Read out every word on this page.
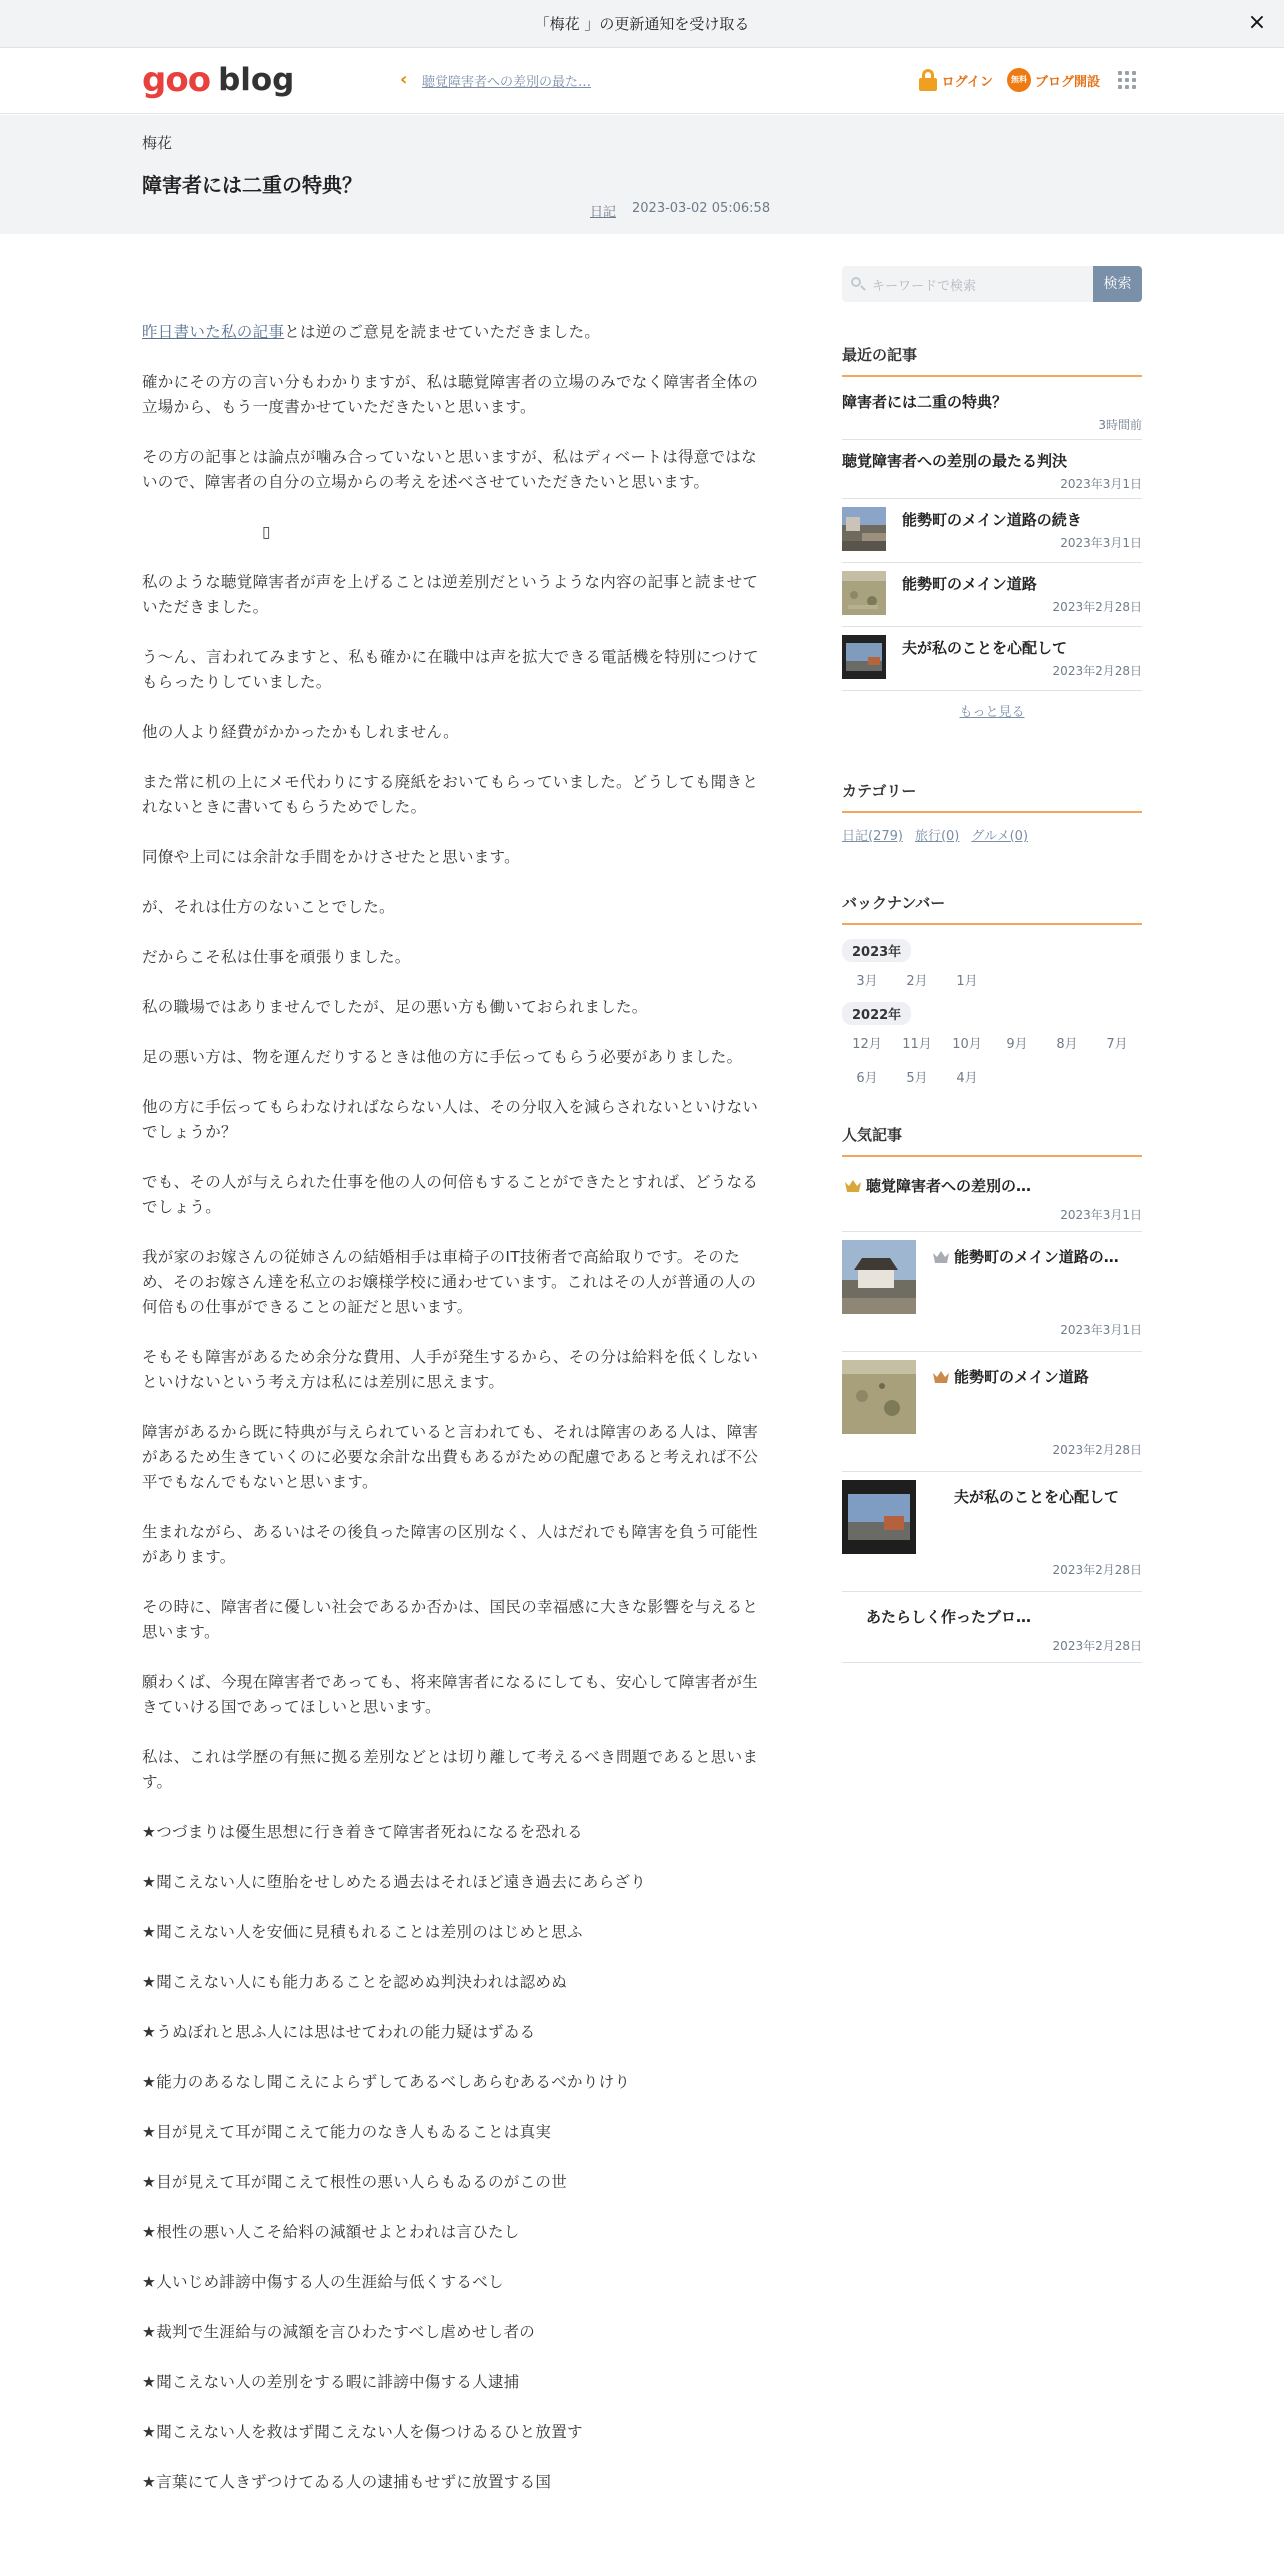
「梅花 」の更新通知を受け取る	×
goo blog	‹	聴覚障害者への差別の最た…	ログイン	無料 ブログ開設
梅花
障害者には二重の特典？
日記 2023-03-02 05:06:58

昨日書いた私の記事とは逆のご意見を読ませていただきました。

確かにその方の言い分もわかりますが、私は聴覚障害者の立場のみでなく障害者全体の立場から、もう一度書かせていただきたいと思います。

その方の記事とは論点が噛み合っていないと思いますが、私はディベートは得意ではないので、障害者の自分の立場からの考えを述べさせていただきたいと思います。

▯

私のような聴覚障害者が声を上げることは逆差別だというような内容の記事と読ませていただきました。

う〜ん、言われてみますと、私も確かに在職中は声を拡大できる電話機を特別につけてもらったりしていました。

他の人より経費がかかったかもしれません。

また常に机の上にメモ代わりにする廃紙をおいてもらっていました。どうしても聞きとれないときに書いてもらうためでした。

同僚や上司には余計な手間をかけさせたと思います。

が、それは仕方のないことでした。

だからこそ私は仕事を頑張りました。

私の職場ではありませんでしたが、足の悪い方も働いておられました。

足の悪い方は、物を運んだりするときは他の方に手伝ってもらう必要がありました。

他の方に手伝ってもらわなければならない人は、その分収入を減らされないといけないでしょうか？

でも、その人が与えられた仕事を他の人の何倍もすることができたとすれば、どうなるでしょう。

我が家のお嫁さんの従姉さんの結婚相手は車椅子のIT技術者で高給取りです。そのため、そのお嫁さん達を私立のお嬢様学校に通わせています。これはその人が普通の人の何倍もの仕事ができることの証だと思います。

そもそも障害があるため余分な費用、人手が発生するから、その分は給料を低くしないといけないという考え方は私には差別に思えます。

障害があるから既に特典が与えられていると言われても、それは障害のある人は、障害があるため生きていくのに必要な余計な出費もあるがための配慮であると考えれば不公平でもなんでもないと思います。

生まれながら、あるいはその後負った障害の区別なく、人はだれでも障害を負う可能性があります。

その時に、障害者に優しい社会であるか否かは、国民の幸福感に大きな影響を与えると思います。

願わくば、今現在障害者であっても、将来障害者になるにしても、安心して障害者が生きていける国であってほしいと思います。

私は、これは学歴の有無に拠る差別などとは切り離して考えるべき問題であると思います。

★つづまりは優生思想に行き着きて障害者死ねになるを恐れる

★聞こえない人に堕胎をせしめたる過去はそれほど遠き過去にあらざり

★聞こえない人を安価に見積もれることは差別のはじめと思ふ

★聞こえない人にも能力あることを認めぬ判決われは認めぬ

★うぬぼれと思ふ人には思はせてわれの能力疑はずゐる

★能力のあるなし聞こえによらずしてあるべしあらむあるべかりけり

★目が見えて耳が聞こえて能力のなき人もゐることは真実

★目が見えて耳が聞こえて根性の悪い人らもゐるのがこの世

★根性の悪い人こそ給料の減額せよとわれは言ひたし

★人いじめ誹謗中傷する人の生涯給与低くするべし

★裁判で生涯給与の減額を言ひわたすべし虐めせし者の

★聞こえない人の差別をする暇に誹謗中傷する人逮捕

★聞こえない人を救はず聞こえない人を傷つけゐるひと放置す

★言葉にて人きずつけてゐる人の逮捕もせずに放置する国

キーワードで検索	検索
最近の記事
障害者には二重の特典？
3時間前
聴覚障害者への差別の最たる判決
2023年3月1日
能勢町のメイン道路の続き
2023年3月1日
能勢町のメイン道路
2023年2月28日
夫が私のことを心配して
2023年2月28日
もっと見る
カテゴリー
日記(279) 旅行(0) グルメ(0)
バックナンバー
2023年
3月	2月	1月
2022年
12月	11月	10月	9月	8月	7月
6月	5月	4月
人気記事
聴覚障害者への差別の…
2023年3月1日
能勢町のメイン道路の…
2023年3月1日
能勢町のメイン道路
2023年2月28日
夫が私のことを心配して
2023年2月28日
あたらしく作ったブロ…
2023年2月28日
